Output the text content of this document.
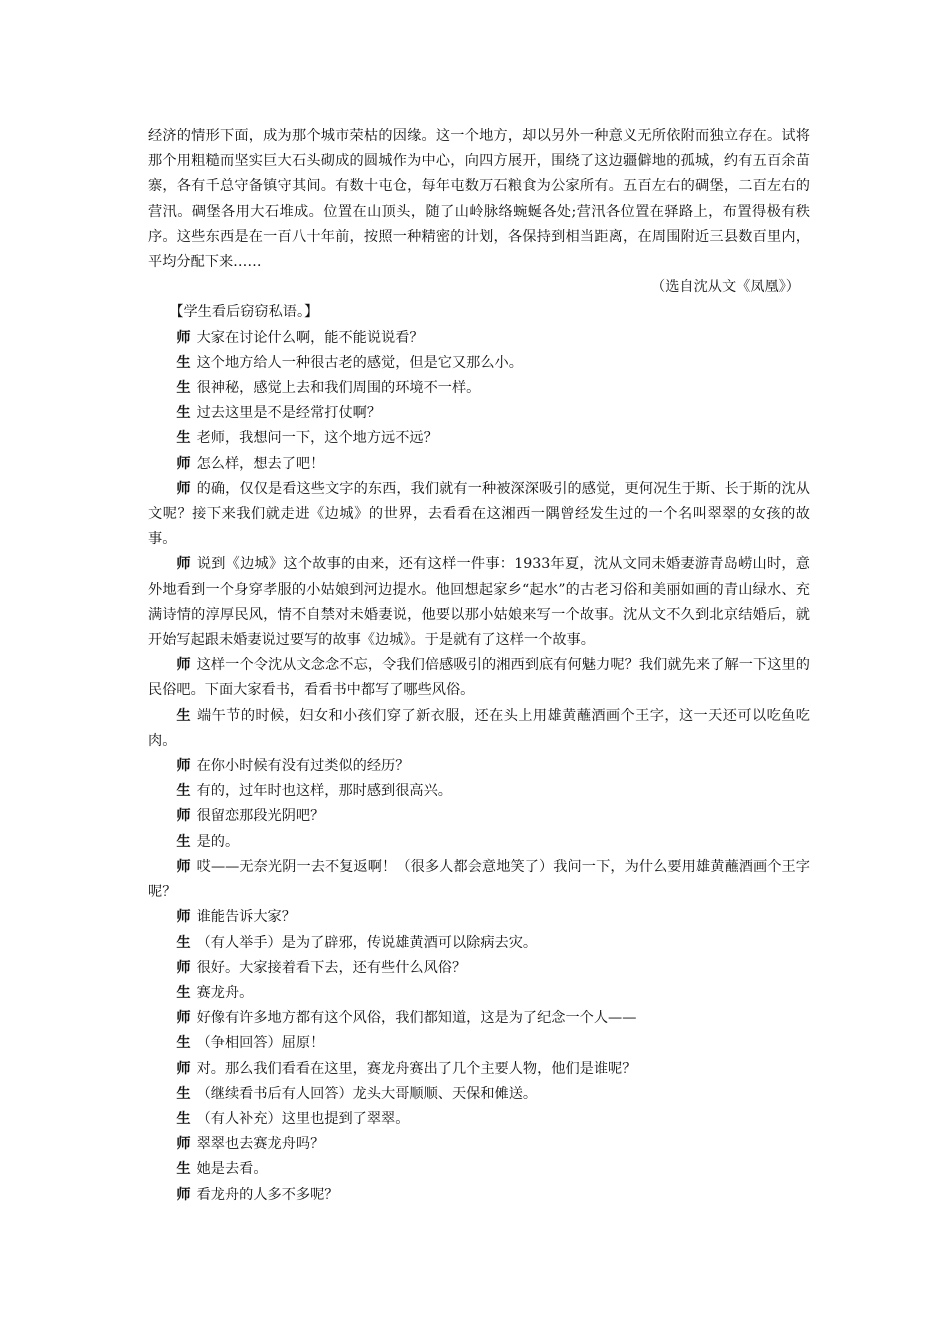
经济的情形下面，成为那个城市荣枯的因缘。这一个地方，却以另外一种意义无所依附而独立存在。试将那个用粗糙而坚实巨大石头砌成的圆城作为中心，向四方展开，围绕了这边疆僻地的孤城，约有五百余苗寨，各有千总守备镇守其间。有数十屯仓，每年屯数万石粮食为公家所有。五百左右的碉堡，二百左右的营汛。碉堡各用大石堆成。位置在山顶头，随了山岭脉络蜿蜒各处;营汛各位置在驿路上，布置得极有秩序。这些东西是在一百八十年前，按照一种精密的计划，各保持到相当距离，在周围附近三县数百里内，平均分配下来……

（选自沈从文《凤凰》）

【学生看后窃窃私语。】

师 大家在讨论什么啊，能不能说说看？

生 这个地方给人一种很古老的感觉，但是它又那么小。

生 很神秘，感觉上去和我们周围的环境不一样。

生 过去这里是不是经常打仗啊？

生 老师，我想问一下，这个地方远不远？

师 怎么样，想去了吧！

师 的确，仅仅是看这些文字的东西，我们就有一种被深深吸引的感觉，更何况生于斯、长于斯的沈从文呢？接下来我们就走进《边城》的世界，去看看在这湘西一隅曾经发生过的一个名叫翠翠的女孩的故事。

师 说到《边城》这个故事的由来，还有这样一件事：1933年夏，沈从文同未婚妻游青岛崂山时，意外地看到一个身穿孝服的小姑娘到河边提水。他回想起家乡“起水”的古老习俗和美丽如画的青山绿水、充满诗情的淳厚民风，情不自禁对未婚妻说，他要以那小姑娘来写一个故事。沈从文不久到北京结婚后，就开始写起跟未婚妻说过要写的故事《边城》。于是就有了这样一个故事。

师 这样一个令沈从文念念不忘，令我们倍感吸引的湘西到底有何魅力呢？我们就先来了解一下这里的民俗吧。下面大家看书，看看书中都写了哪些风俗。

生 端午节的时候，妇女和小孩们穿了新衣服，还在头上用雄黄蘸酒画个王字，这一天还可以吃鱼吃肉。

师 在你小时候有没有过类似的经历？

生 有的，过年时也这样，那时感到很高兴。

师 很留恋那段光阴吧？

生 是的。

师 哎——无奈光阴一去不复返啊！（很多人都会意地笑了）我问一下，为什么要用雄黄蘸酒画个王字呢？

师 谁能告诉大家？

生 （有人举手）是为了辟邪，传说雄黄酒可以除病去灾。

师 很好。大家接着看下去，还有些什么风俗？

生 赛龙舟。

师 好像有许多地方都有这个风俗，我们都知道，这是为了纪念一个人——

生 （争相回答）屈原！

师 对。那么我们看看在这里，赛龙舟赛出了几个主要人物，他们是谁呢？

生 （继续看书后有人回答）龙头大哥顺顺、天保和傩送。

生 （有人补充）这里也提到了翠翠。

师 翠翠也去赛龙舟吗？

生 她是去看。

师 看龙舟的人多不多呢？
